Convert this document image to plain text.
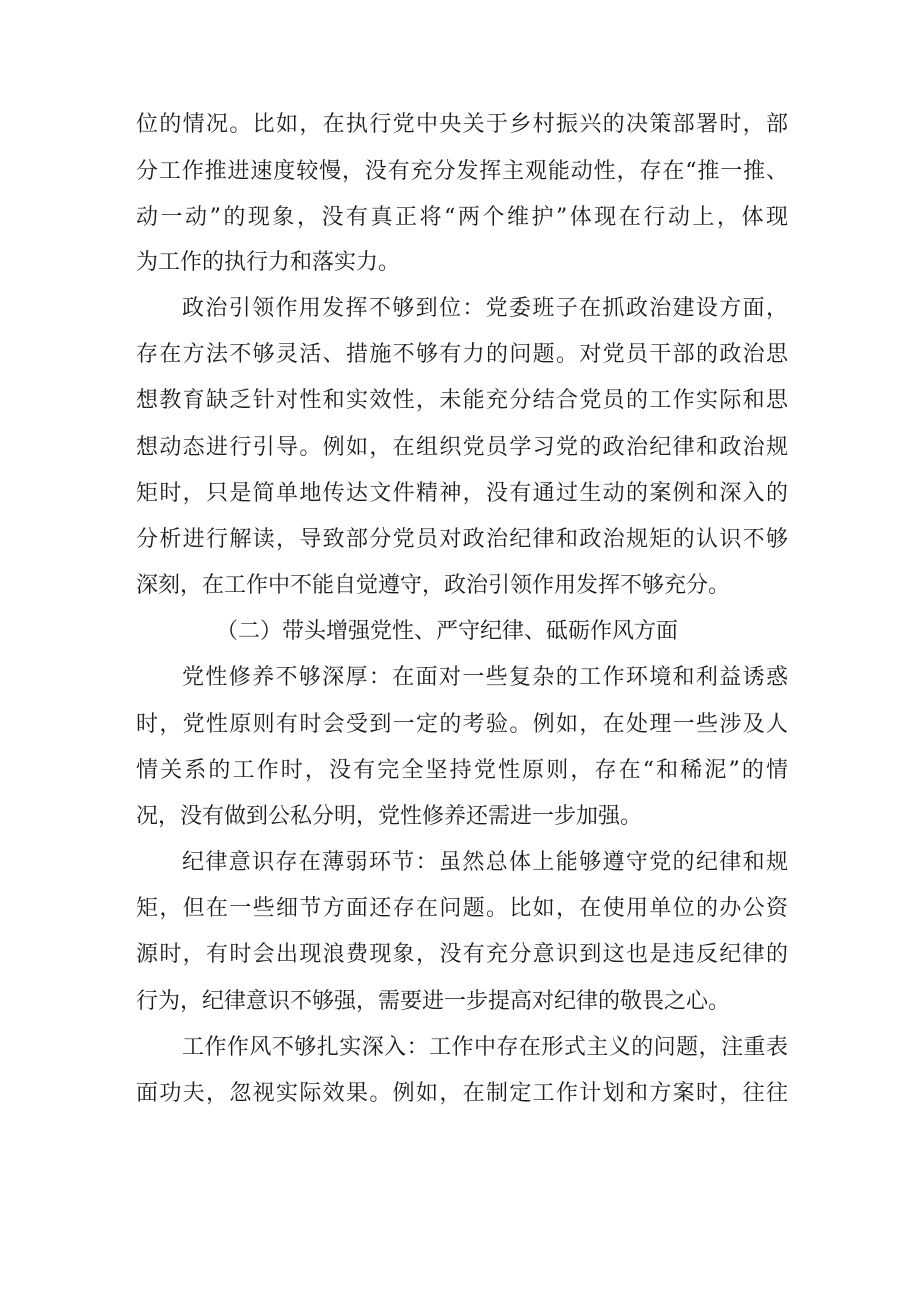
位的情况。比如，在执行党中央关于乡村振兴的决策部署时，部
分工作推进速度较慢，没有充分发挥主观能动性，存在“推一推、
动一动”的现象，没有真正将“两个维护”体现在行动上，体现
为工作的执行力和落实力。
政治引领作用发挥不够到位：党委班子在抓政治建设方面，
存在方法不够灵活、措施不够有力的问题。对党员干部的政治思
想教育缺乏针对性和实效性，未能充分结合党员的工作实际和思
想动态进行引导。例如，在组织党员学习党的政治纪律和政治规
矩时，只是简单地传达文件精神，没有通过生动的案例和深入的
分析进行解读，导致部分党员对政治纪律和政治规矩的认识不够
深刻，在工作中不能自觉遵守，政治引领作用发挥不够充分。
（二）带头增强党性、严守纪律、砥砺作风方面
党性修养不够深厚：在面对一些复杂的工作环境和利益诱惑
时，党性原则有时会受到一定的考验。例如，在处理一些涉及人
情关系的工作时，没有完全坚持党性原则，存在“和稀泥”的情
况，没有做到公私分明，党性修养还需进一步加强。
纪律意识存在薄弱环节：虽然总体上能够遵守党的纪律和规
矩，但在一些细节方面还存在问题。比如，在使用单位的办公资
源时，有时会出现浪费现象，没有充分意识到这也是违反纪律的
行为，纪律意识不够强，需要进一步提高对纪律的敬畏之心。
工作作风不够扎实深入：工作中存在形式主义的问题，注重表
面功夫，忽视实际效果。例如，在制定工作计划和方案时，往往
